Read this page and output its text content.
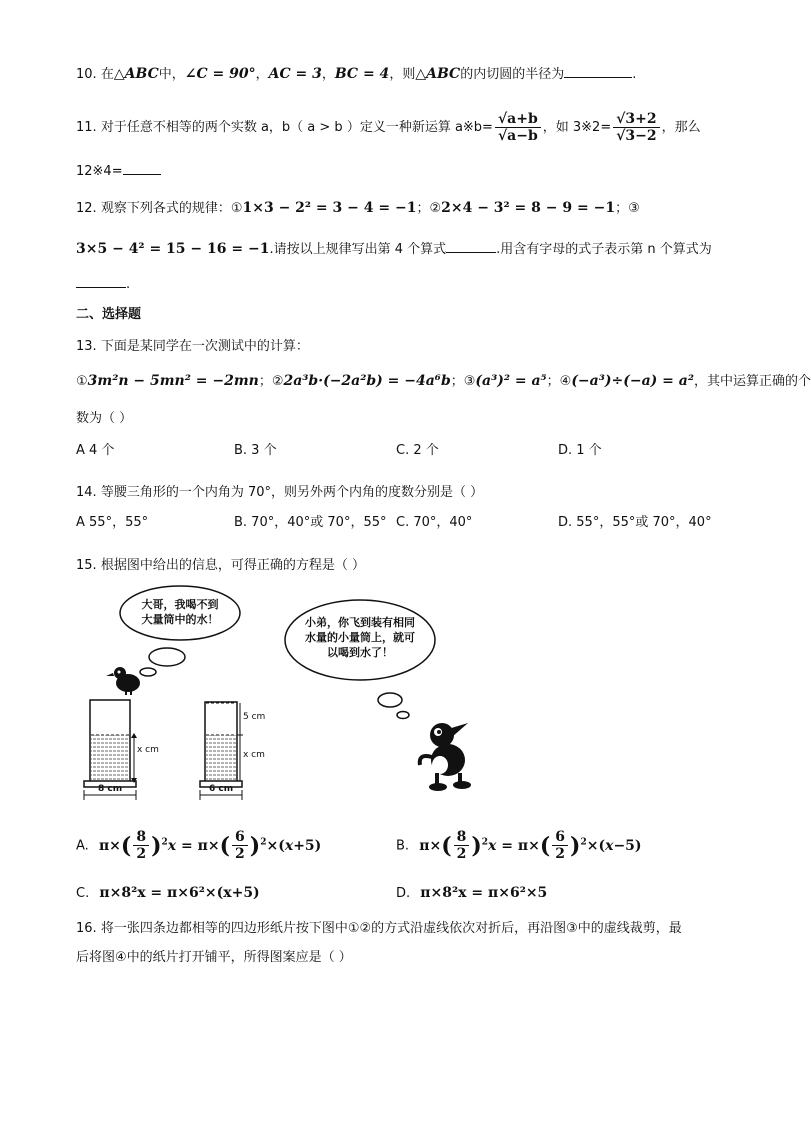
10. 在△ABC中，∠C = 90°，AC = 3，BC = 4，则△ABC的内切圆的半径为	.
11. 对于任意不相等的两个实数 a，b（ a > b ）定义一种新运算 a※b= $\frac{√a+b}{√a-b}$ ，如 3※2= $\frac{√3+2}{√3-2}$ ，那么
12※4=
12. 观察下列各式的规律：①1×3 − 2² = 3 − 4 = −1；②2×4 − 3² = 8 − 9 = −1；③
3×5 − 4² = 15 − 16 = −1.请按以上规律写出第 4 个算式	.用含有字母的式子表示第 n 个算式为
.
二、选择题
13. 下面是某同学在一次测试中的计算：
①3m²n − 5mn² = −2mn；②2a³b·(−2a²b) = −4a⁶b；③(a³)² = a⁵；④(−a³)÷(−a) = a²，其中运算正确的个
数为（ ）
A 4 个	B. 3 个	C. 2 个	D. 1 个
14. 等腰三角形的一个内角为 70°，则另外两个内角的度数分别是（ ）
A 55°，55°	B. 70°，40°或 70°，55° C. 70°，40°	D. 55°，55°或 70°，40°
15. 根据图中给出的信息，可得正确的方程是（ ）
大哥，我喝不到
大量筒中的水！	小弟，你飞到装有相同
水量的小量筒上，就可
以喝到水了！
x cm
8 cm
5 cm
x cm
6 cm
A. $\pi\times( \frac{8}{2} )^2x = \pi\times( \frac{6}{2} )^2\times(x+5)$	B. $\pi\times( \frac{8}{2} )^2x = \pi\times( \frac{6}{2} )^2\times(x-5)$
C. π×8²x = π×6²×(x+5)	D. π×8²x = π×6²×5
16. 将一张四条边都相等的四边形纸片按下图中①②的方式沿虚线依次对折后，再沿图③中的虚线裁剪，最
后将图④中的纸片打开铺平，所得图案应是（ ）
